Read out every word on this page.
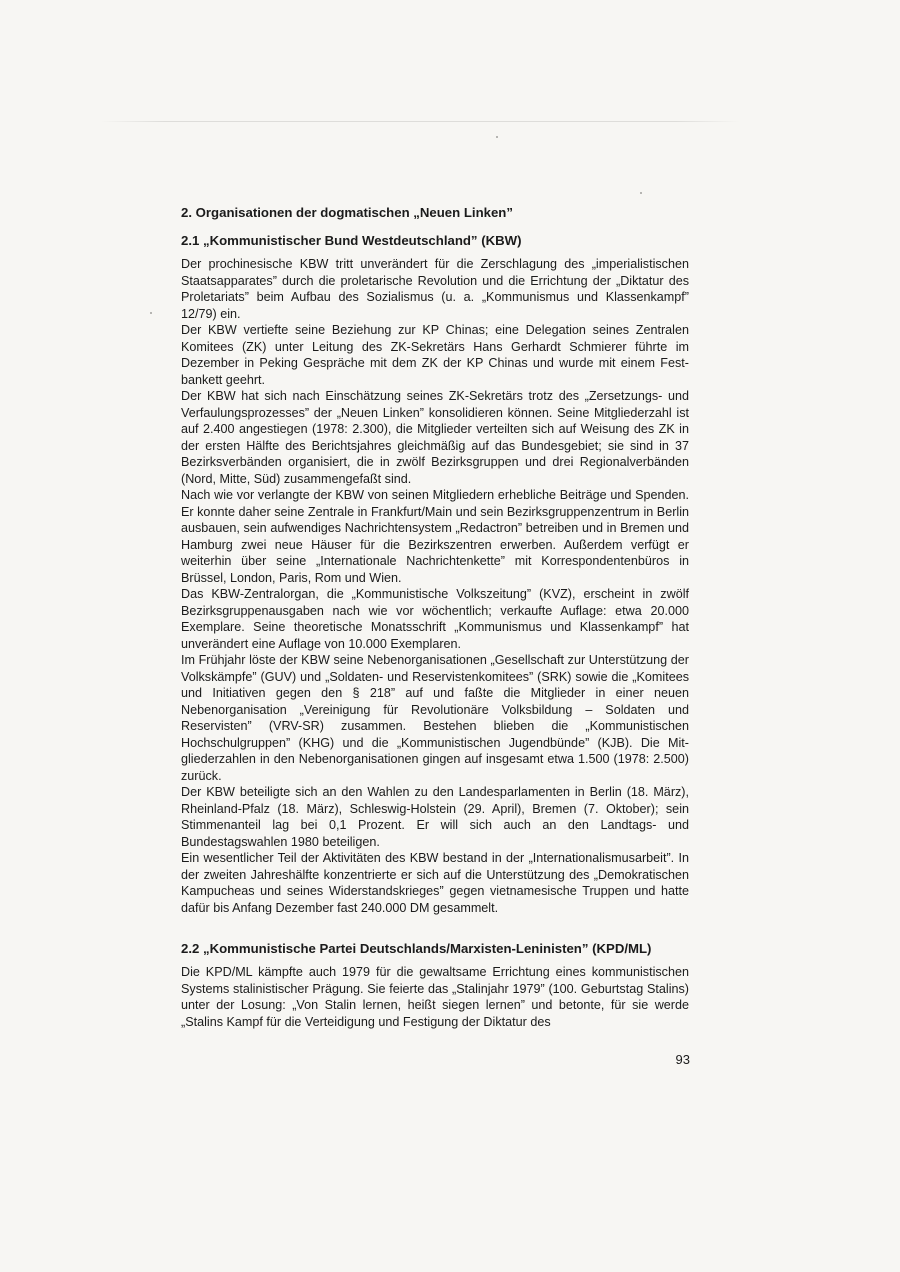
2. Organisationen der dogmatischen „Neuen Linken”
2.1 „Kommunistischer Bund Westdeutschland” (KBW)

Der prochinesische KBW tritt unverändert für die Zerschlagung des „imperialistischen Staatsapparates” durch die proletarische Revolution und die Errichtung der „Diktatur des Proletariats” beim Aufbau des Sozialismus (u. a. „Kommunismus und Klassenkampf” 12/79) ein.

Der KBW vertiefte seine Beziehung zur KP Chinas; eine Delegation seines Zentralen Komitees (ZK) unter Leitung des ZK-Sekretärs Hans Gerhardt Schmierer führte im Dezember in Peking Gespräche mit dem ZK der KP Chinas und wurde mit einem Festbankett geehrt.

Der KBW hat sich nach Einschätzung seines ZK-Sekretärs trotz des „Zersetzungs- und Verfaulungsprozesses” der „Neuen Linken” konsolidieren können. Seine Mitgliederzahl ist auf 2.400 angestiegen (1978: 2.300), die Mitglieder verteilten sich auf Weisung des ZK in der ersten Hälfte des Berichtsjahres gleichmäßig auf das Bundesgebiet; sie sind in 37 Bezirksverbänden organisiert, die in zwölf Bezirksgruppen und drei Regionalverbänden (Nord, Mitte, Süd) zusammengefaßt sind.

Nach wie vor verlangte der KBW von seinen Mitgliedern erhebliche Beiträge und Spenden. Er konnte daher seine Zentrale in Frankfurt/Main und sein Bezirksgruppenzentrum in Berlin ausbauen, sein aufwendiges Nachrichtensystem „Redactron” betreiben und in Bremen und Hamburg zwei neue Häuser für die Bezirkszentren erwerben. Außerdem verfügt er weiterhin über seine „Internationale Nachrichtenkette” mit Korrespondentenbüros in Brüssel, London, Paris, Rom und Wien.

Das KBW-Zentralorgan, die „Kommunistische Volkszeitung” (KVZ), erscheint in zwölf Bezirksgruppenausgaben nach wie vor wöchentlich; verkaufte Auflage: etwa 20.000 Exemplare. Seine theoretische Monatsschrift „Kommunismus und Klassenkampf” hat unverändert eine Auflage von 10.000 Exemplaren.

Im Frühjahr löste der KBW seine Nebenorganisationen „Gesellschaft zur Unterstützung der Volkskämpfe” (GUV) und „Soldaten- und Reservistenkomitees” (SRK) sowie die „Komitees und Initiativen gegen den § 218” auf und faßte die Mitglieder in einer neuen Nebenorganisation „Vereinigung für Revolutionäre Volksbildung – Soldaten und Reservisten” (VRV-SR) zusammen. Bestehen blieben die „Kommunistischen Hochschulgruppen” (KHG) und die „Kommunistischen Jugendbünde” (KJB). Die Mitgliederzahlen in den Nebenorganisationen gingen auf insgesamt etwa 1.500 (1978: 2.500) zurück.

Der KBW beteiligte sich an den Wahlen zu den Landesparlamenten in Berlin (18. März), Rheinland-Pfalz (18. März), Schleswig-Holstein (29. April), Bremen (7. Oktober); sein Stimmenanteil lag bei 0,1 Prozent. Er will sich auch an den Landtags- und Bundestagswahlen 1980 beteiligen.

Ein wesentlicher Teil der Aktivitäten des KBW bestand in der „Internationalismusarbeit”. In der zweiten Jahreshälfte konzentrierte er sich auf die Unterstützung des „Demokratischen Kampucheas und seines Widerstandskrieges” gegen vietnamesische Truppen und hatte dafür bis Anfang Dezember fast 240.000 DM gesammelt.

2.2 „Kommunistische Partei Deutschlands/Marxisten-Leninisten” (KPD/ML)

Die KPD/ML kämpfte auch 1979 für die gewaltsame Errichtung eines kommunistischen Systems stalinistischer Prägung. Sie feierte das „Stalinjahr 1979” (100. Geburtstag Stalins) unter der Losung: „Von Stalin lernen, heißt siegen lernen” und betonte, für sie werde „Stalins Kampf für die Verteidigung und Festigung der Diktatur des

93
